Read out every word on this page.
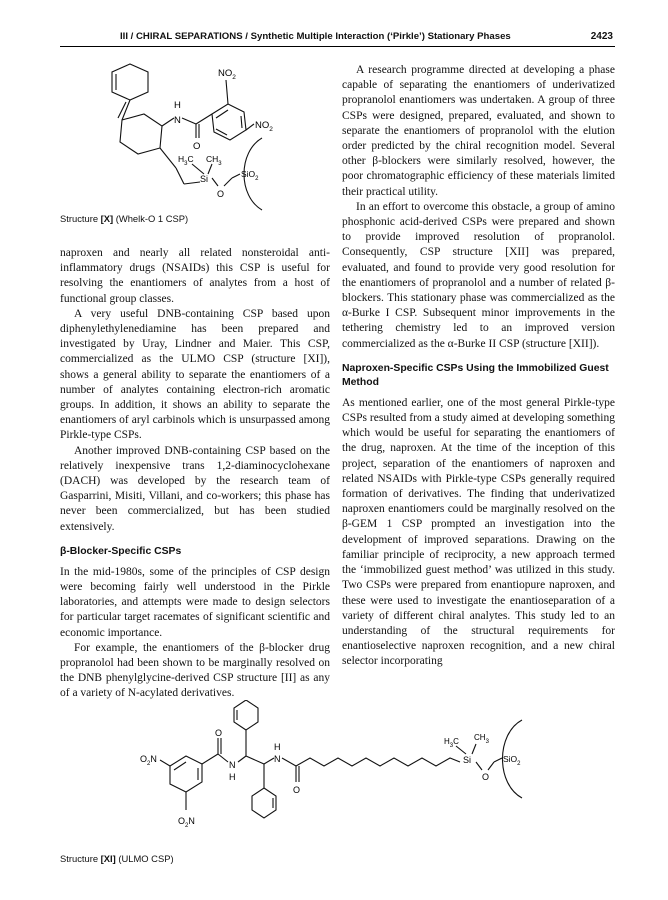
III / CHIRAL SEPARATIONS / Synthetic Multiple Interaction (‘Pirkle’) Stationary Phases	2423
$NO_2$
$NO_2$
H
N
O
$H_3C$ $CH_3$
Si
O
SiO$_2$
Structure [X] (Whelk-O 1 CSP)

naproxen and nearly all related nonsteroidal anti-inflammatory drugs (NSAIDs) this CSP is useful for resolving the enantiomers of analytes from a host of functional group classes.

A very useful DNB-containing CSP based upon diphenylethylenediamine has been prepared and investigated by Uray, Lindner and Maier. This CSP, commercialized as the ULMO CSP (structure [XI]), shows a general ability to separate the enantiomers of a number of analytes containing electron-rich aromatic groups. In addition, it shows an ability to separate the enantiomers of aryl carbinols which is unsurpassed among Pirkle-type CSPs.

Another improved DNB-containing CSP based on the relatively inexpensive trans 1,2-diaminocyclohexane (DACH) was developed by the research team of Gasparrini, Misiti, Villani, and co-workers; this phase has never been commercialized, but has been studied extensively.

β-Blocker-Specific CSPs

In the mid-1980s, some of the principles of CSP design were becoming fairly well understood in the Pirkle laboratories, and attempts were made to design selectors for particular target racemates of significant scientific and economic importance.

For example, the enantiomers of the β-blocker drug propranolol had been shown to be marginally resolved on the DNB phenylglycine-derived CSP structure [II] as any of a variety of N-acylated derivatives.

A research programme directed at developing a phase capable of separating the enantiomers of underivatized propranolol enantiomers was undertaken. A group of three CSPs were designed, prepared, evaluated, and shown to separate the enantiomers of propranolol with the elution order predicted by the chiral recognition model. Several other β-blockers were similarly resolved, however, the poor chromatographic efficiency of these materials limited their practical utility.

In an effort to overcome this obstacle, a group of amino phosphonic acid-derived CSPs were prepared and shown to provide improved resolution of propranolol. Consequently, CSP structure [XII] was prepared, evaluated, and found to provide very good resolution for the enantiomers of propranolol and a number of related β-blockers. This stationary phase was commercialized as the α-Burke I CSP. Subsequent minor improvements in the tethering chemistry led to an improved version commercialized as the α-Burke II CSP (structure [XII]).

Naproxen-Specific CSPs Using the Immobilized Guest Method

As mentioned earlier, one of the most general Pirkle-type CSPs resulted from a study aimed at developing something which would be useful for separating the enantiomers of the drug, naproxen. At the time of the inception of this project, separation of the enantiomers of naproxen and related NSAIDs with Pirkle-type CSPs generally required formation of derivatives. The finding that underivatized naproxen enantiomers could be marginally resolved on the β-GEM 1 CSP prompted an investigation into the development of improved separations. Drawing on the familiar principle of reciprocity, a new approach termed the ‘immobilized guest method’ was utilized in this study. Two CSPs were prepared from enantiopure naproxen, and these were used to investigate the enantioseparation of a variety of different chiral analytes. This study led to an understanding of the structural requirements for enantioselective naproxen recognition, and a new chiral selector incorporating

$O_2N$
$O_2N$
O
N
H
H
N
O
$H_3C$ $CH_3$
Si
O
SiO$_2$
Structure [XI] (ULMO CSP)
